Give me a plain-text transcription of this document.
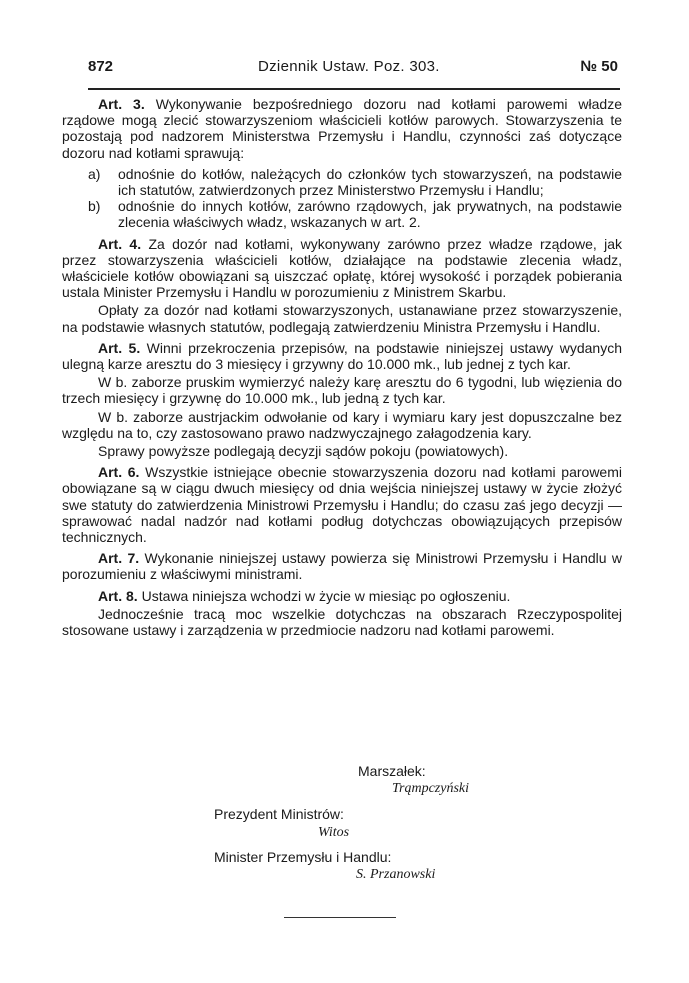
872	Dziennik Ustaw. Poz. 303.	№ 50

Art. 3. Wykonywanie bezpośredniego dozoru nad kotłami parowemi władze rządowe mogą zlecić stowarzyszeniom właścicieli kotłów parowych. Stowarzyszenia te pozostają pod nadzorem Ministerstwa Przemysłu i Handlu, czynności zaś dotyczące dozoru nad kotłami sprawują:

a)	odnośnie do kotłów, należących do członków tych stowarzyszeń, na podstawie ich statutów, zatwierdzonych przez Ministerstwo Przemysłu i Handlu;
b)	odnośnie do innych kotłów, zarówno rządowych, jak prywatnych, na podstawie zlecenia właściwych władz, wskazanych w art. 2.

Art. 4. Za dozór nad kotłami, wykonywany zarówno przez władze rządowe, jak przez stowarzyszenia właścicieli kotłów, działające na podstawie zlecenia władz, właściciele kotłów obowiązani są uiszczać opłatę, której wysokość i porządek pobierania ustala Minister Przemysłu i Handlu w porozumieniu z Ministrem Skarbu.

Opłaty za dozór nad kotłami stowarzyszonych, ustanawiane przez stowarzyszenie, na podstawie własnych statutów, podlegają zatwierdzeniu Ministra Przemysłu i Handlu.

Art. 5. Winni przekroczenia przepisów, na podstawie niniejszej ustawy wydanych ulegną karze aresztu do 3 miesięcy i grzywny do 10.000 mk., lub jednej z tych kar.

W b. zaborze pruskim wymierzyć należy karę aresztu do 6 tygodni, lub więzienia do trzech miesięcy i grzywnę do 10.000 mk., lub jedną z tych kar.

W b. zaborze austrjackim odwołanie od kary i wymiaru kary jest dopuszczalne bez względu na to, czy zastosowano prawo nadzwyczajnego załagodzenia kary.

Sprawy powyższe podlegają decyzji sądów pokoju (powiatowych).

Art. 6. Wszystkie istniejące obecnie stowarzyszenia dozoru nad kotłami parowemi obowiązane są w ciągu dwuch miesięcy od dnia wejścia niniejszej ustawy w życie złożyć swe statuty do zatwierdzenia Ministrowi Przemysłu i Handlu; do czasu zaś jego decyzji — sprawować nadal nadzór nad kotłami podług dotychczas obowiązujących przepisów technicznych.

Art. 7. Wykonanie niniejszej ustawy powierza się Ministrowi Przemysłu i Handlu w porozumieniu z właściwymi ministrami.

Art. 8. Ustawa niniejsza wchodzi w życie w miesiąc po ogłoszeniu.

Jednocześnie tracą moc wszelkie dotychczas na obszarach Rzeczypospolitej stosowane ustawy i zarządzenia w przedmiocie nadzoru nad kotłami parowemi.

Marszałek:
Trąmpczyński
Prezydent Ministrów:
Witos
Minister Przemysłu i Handlu:
S. Przanowski
